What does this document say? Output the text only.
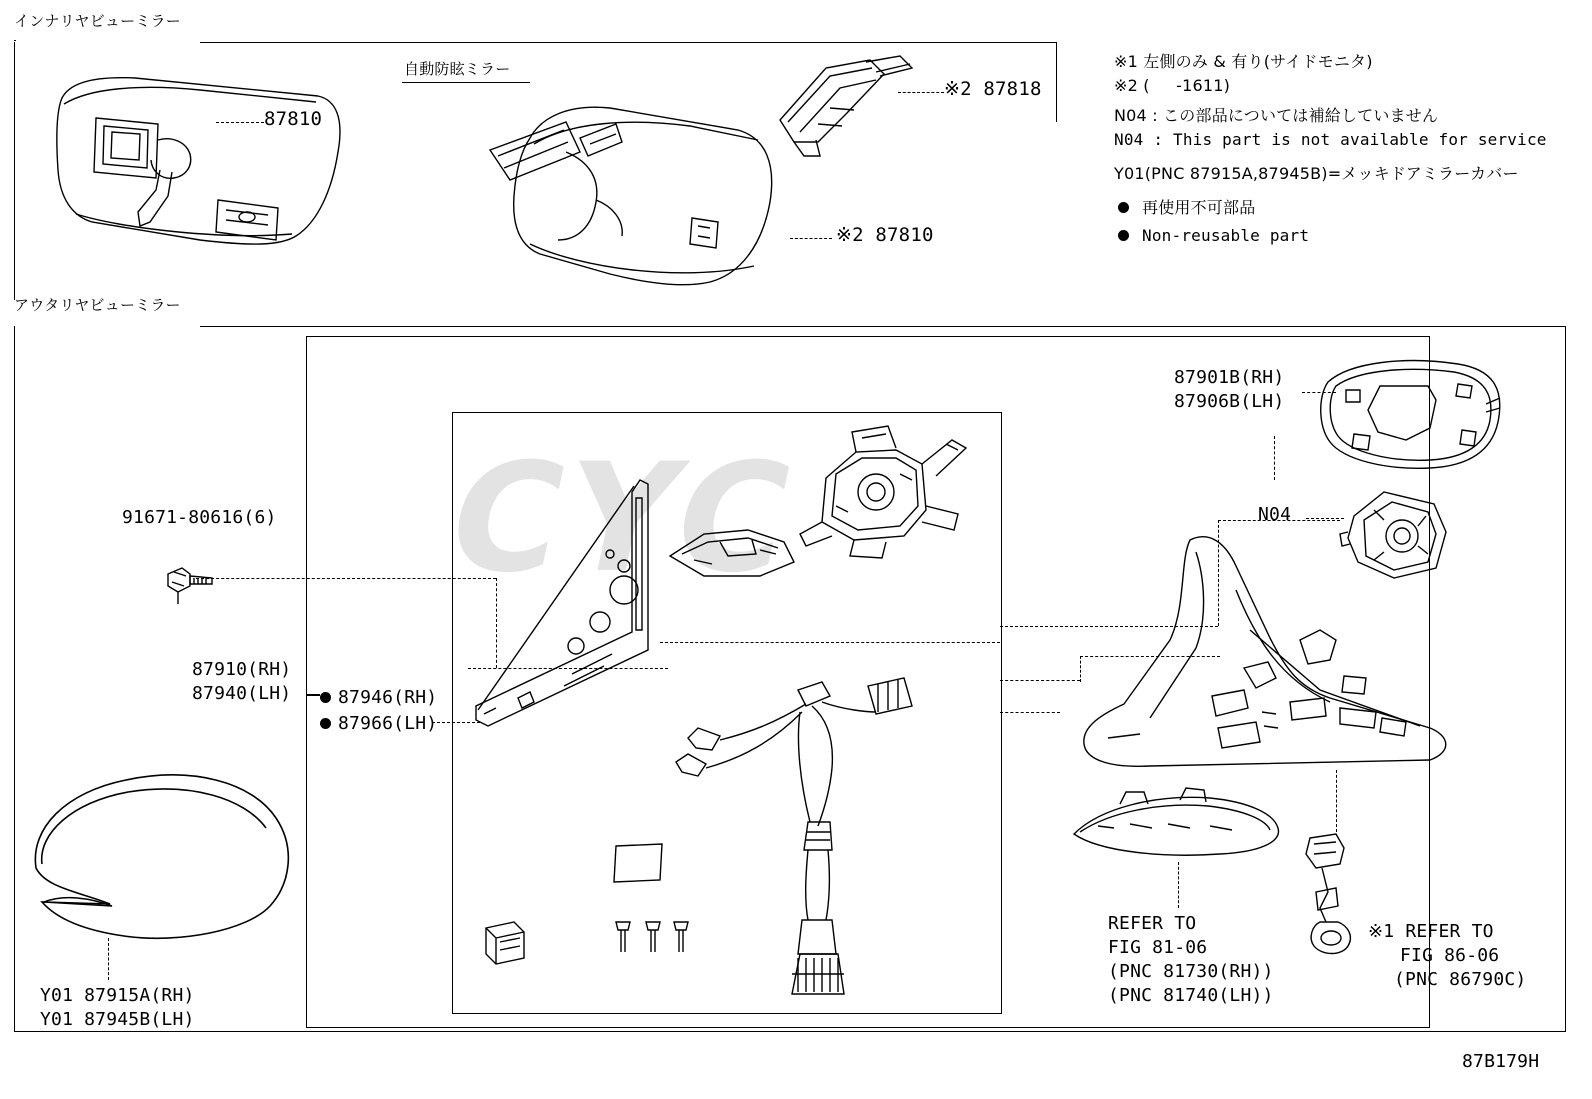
インナリヤビューミラー
自動防眩ミラー
87810
※2 87810
※2 87818
※1 左側のみ & 有り(サイドモニタ)
※2 (     -1611)
N04 : この部品については補給していません
N04 : This part is not available for service
Y01(PNC 87915A,87945B)=メッキドアミラーカバー
再使用不可部品
Non-reusable part
アウタリヤビューミラー
CYC
87901B(RH)
87906B(LH)
N04
REFER TO
FIG 81-06
(PNC 81730(RH))
(PNC 81740(LH))
※1 REFER TO
FIG 86-06
(PNC 86790C)
91671-80616(6)
Y01 87915A(RH)
Y01 87945B(LH)
87910(RH)
87940(LH)	87946(RH)
87966(LH)
87B179H
